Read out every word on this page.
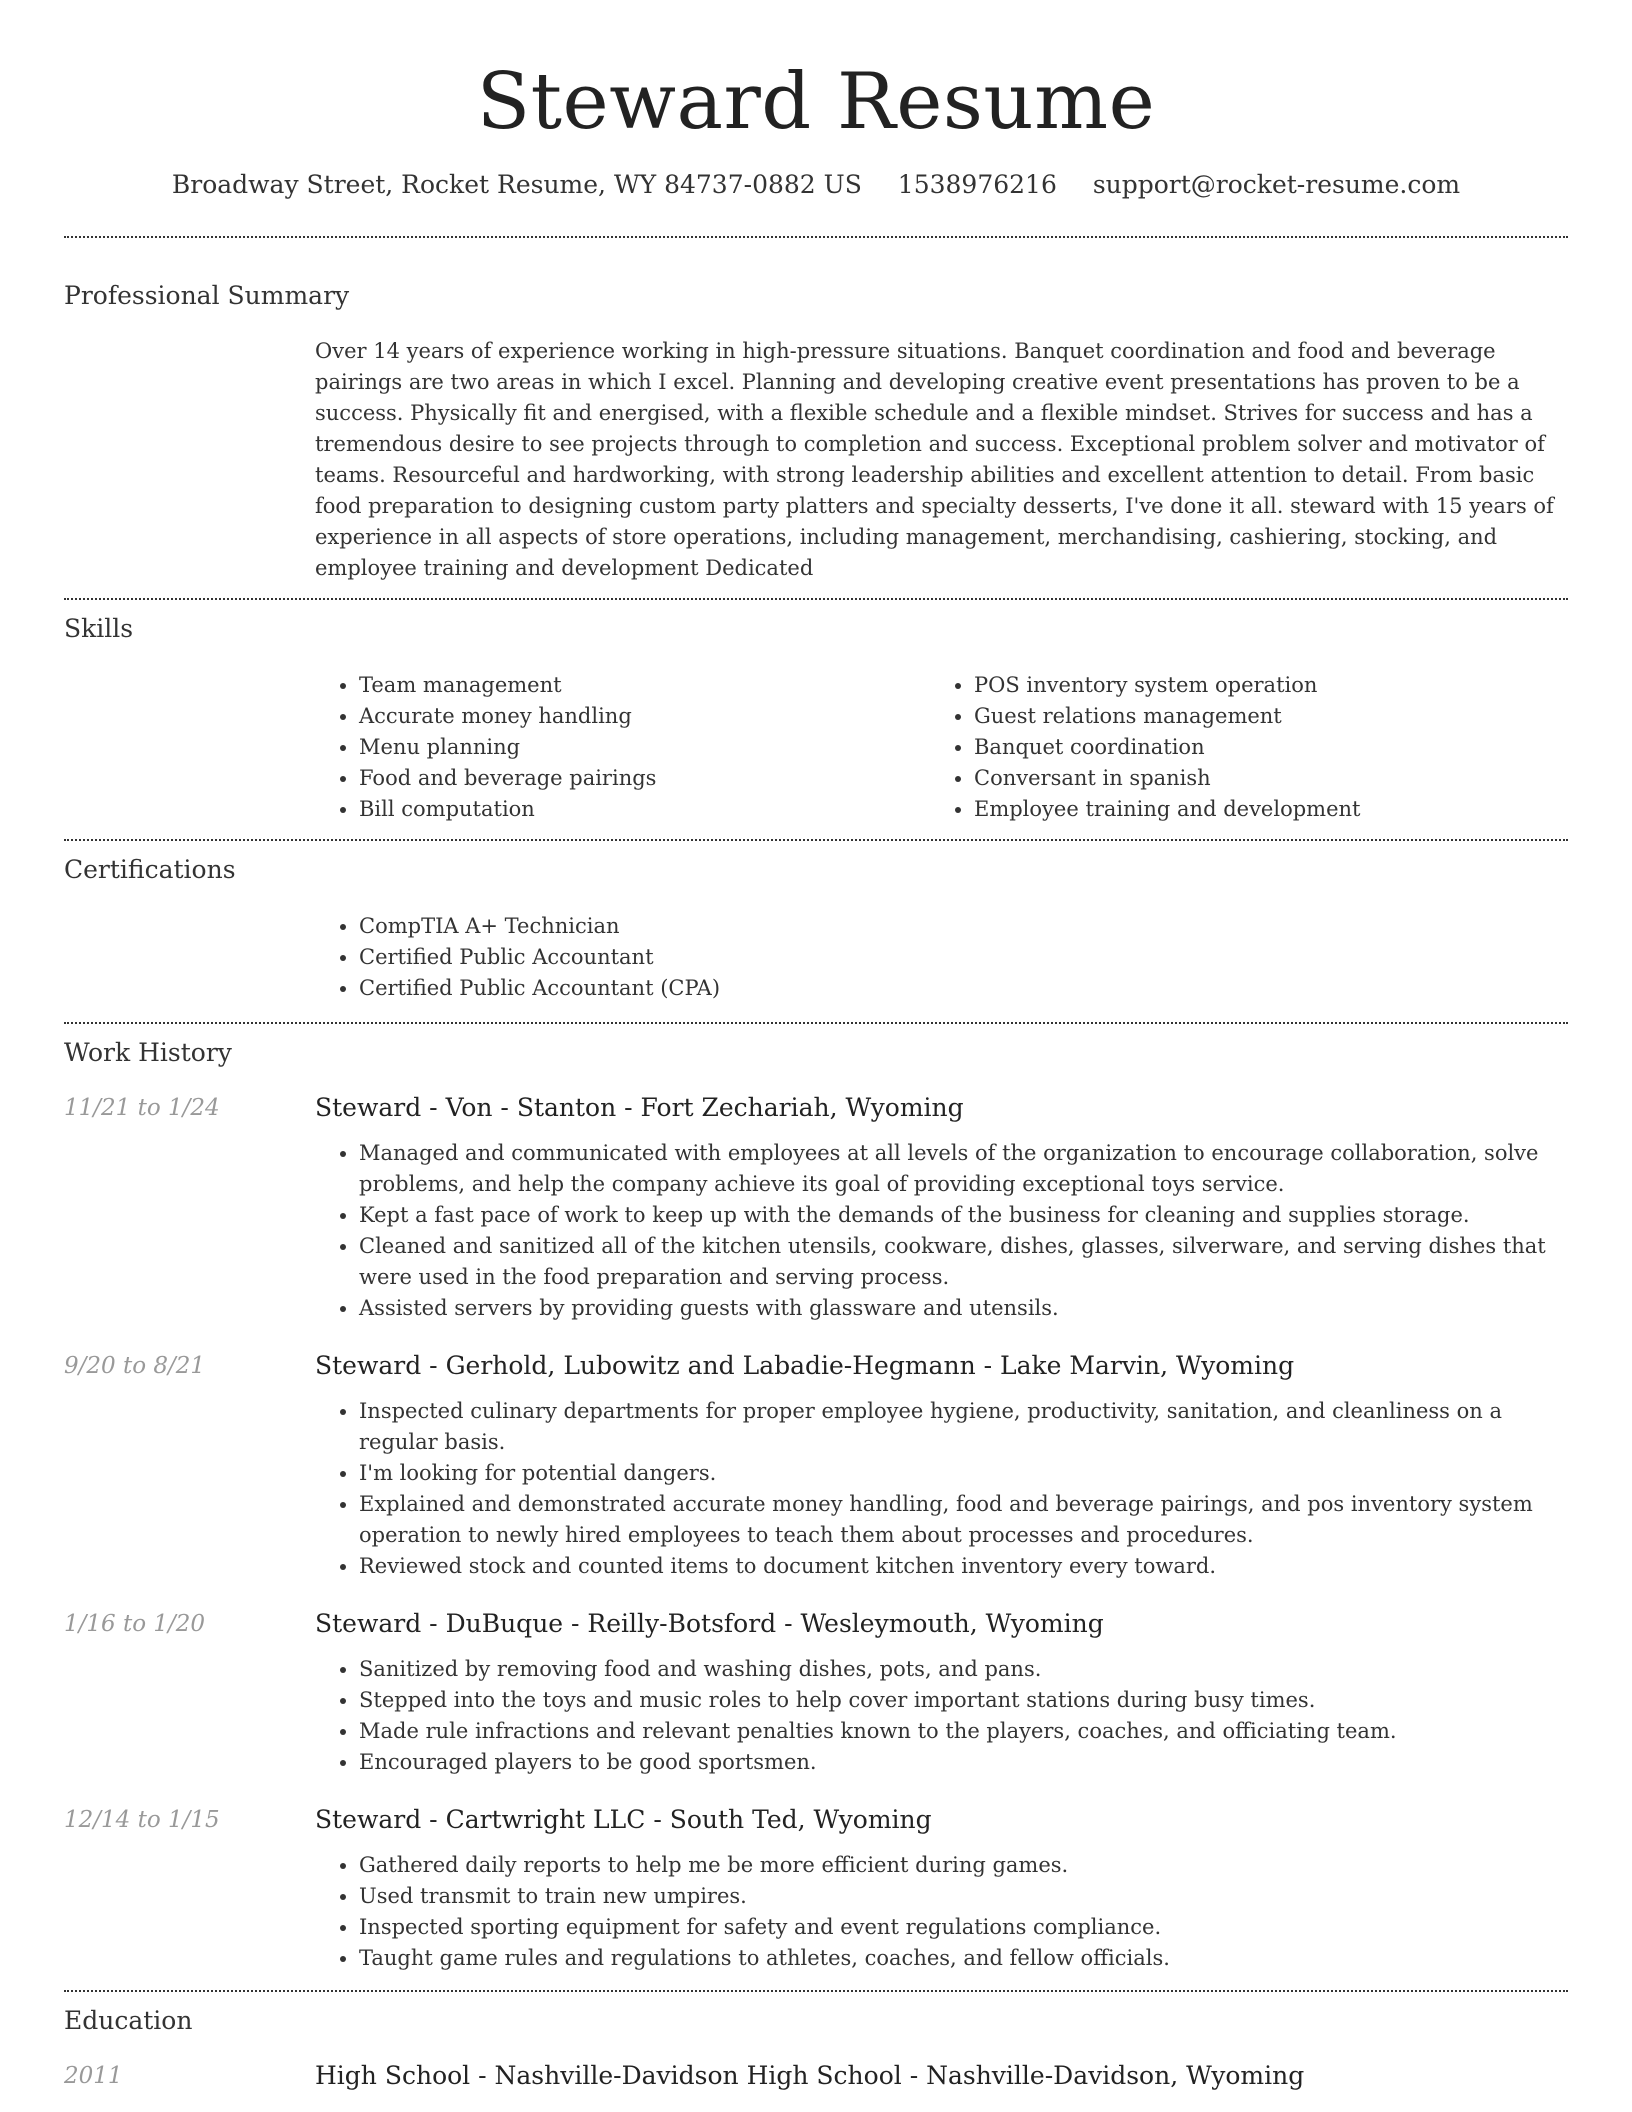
Steward Resume
Broadway Street, Rocket Resume, WY 84737-0882 US 1538976216 support@rocket-resume.com
Professional Summary
Over 14 years of experience working in high-pressure situations. Banquet coordination and food and beverage pairings are two areas in which I excel. Planning and developing creative event presentations has proven to be a success. Physically fit and energised, with a flexible schedule and a flexible mindset. Strives for success and has a tremendous desire to see projects through to completion and success. Exceptional problem solver and motivator of teams. Resourceful and hardworking, with strong leadership abilities and excellent attention to detail. From basic food preparation to designing custom party platters and specialty desserts, I've done it all. steward with 15 years of experience in all aspects of store operations, including management, merchandising, cashiering, stocking, and employee training and development Dedicated
Skills
• Team management
• Accurate money handling
• Menu planning
• Food and beverage pairings
• Bill computation
• POS inventory system operation
• Guest relations management
• Banquet coordination
• Conversant in spanish
• Employee training and development
Certifications
• CompTIA A+ Technician
• Certified Public Accountant
• Certified Public Accountant (CPA)
Work History
11/21 to 1/24	Steward - Von - Stanton - Fort Zechariah, Wyoming
• Managed and communicated with employees at all levels of the organization to encourage collaboration, solve problems, and help the company achieve its goal of providing exceptional toys service.
• Kept a fast pace of work to keep up with the demands of the business for cleaning and supplies storage.
• Cleaned and sanitized all of the kitchen utensils, cookware, dishes, glasses, silverware, and serving dishes that were used in the food preparation and serving process.
• Assisted servers by providing guests with glassware and utensils.
9/20 to 8/21	Steward - Gerhold, Lubowitz and Labadie-Hegmann - Lake Marvin, Wyoming
• Inspected culinary departments for proper employee hygiene, productivity, sanitation, and cleanliness on a regular basis.
• I'm looking for potential dangers.
• Explained and demonstrated accurate money handling, food and beverage pairings, and pos inventory system operation to newly hired employees to teach them about processes and procedures.
• Reviewed stock and counted items to document kitchen inventory every toward.
1/16 to 1/20	Steward - DuBuque - Reilly-Botsford - Wesleymouth, Wyoming
• Sanitized by removing food and washing dishes, pots, and pans.
• Stepped into the toys and music roles to help cover important stations during busy times.
• Made rule infractions and relevant penalties known to the players, coaches, and officiating team.
• Encouraged players to be good sportsmen.
12/14 to 1/15	Steward - Cartwright LLC - South Ted, Wyoming
• Gathered daily reports to help me be more efficient during games.
• Used transmit to train new umpires.
• Inspected sporting equipment for safety and event regulations compliance.
• Taught game rules and regulations to athletes, coaches, and fellow officials.
Education
2011	High School - Nashville-Davidson High School - Nashville-Davidson, Wyoming
